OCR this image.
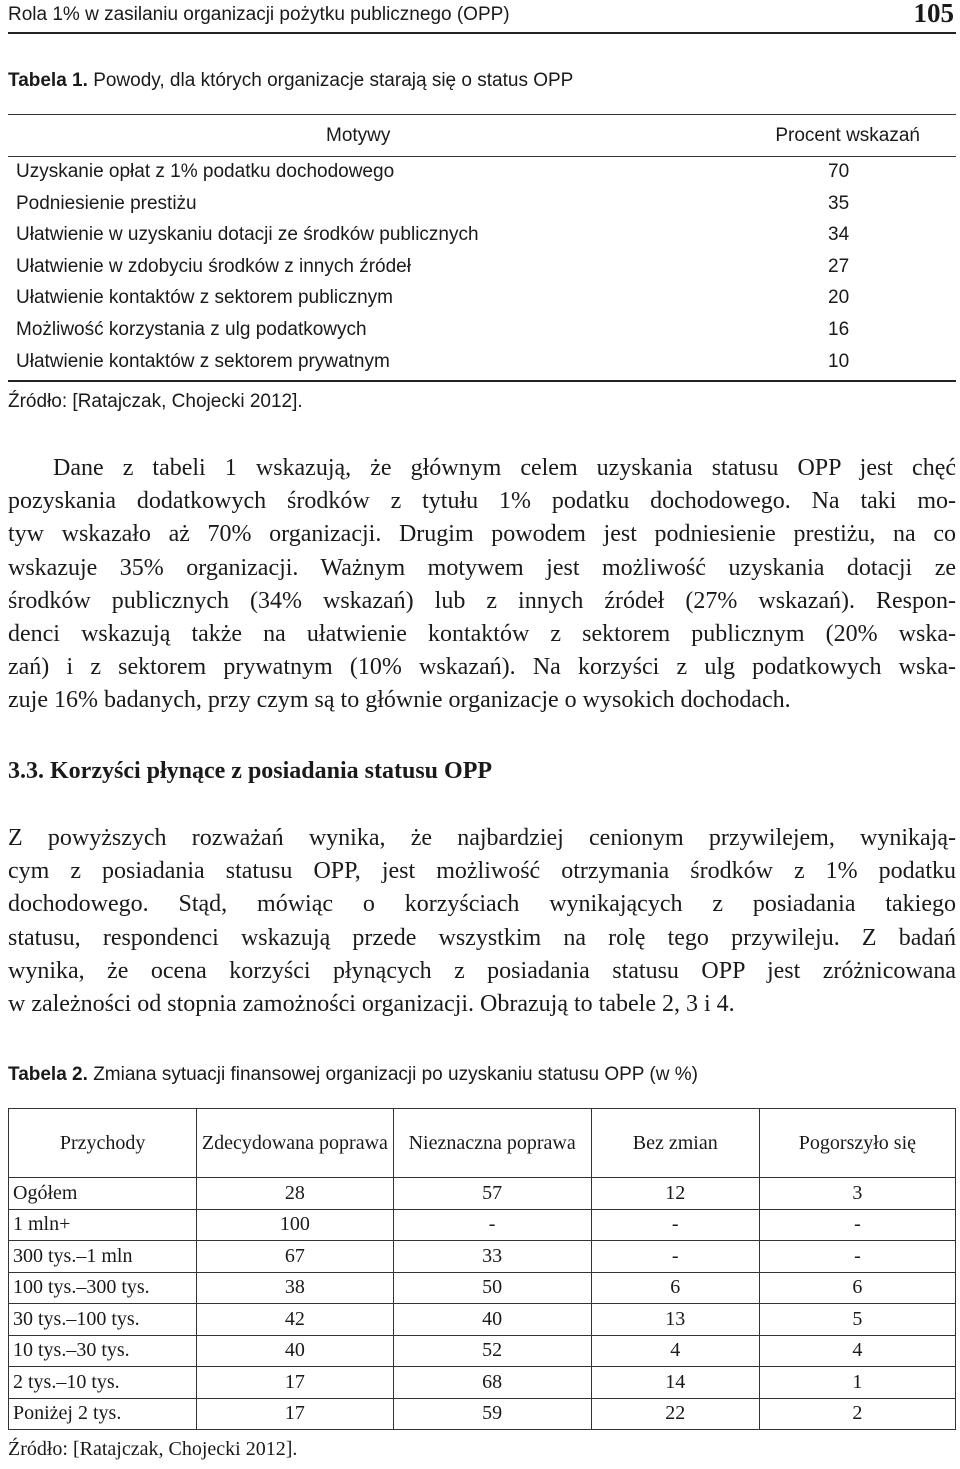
Rola 1% w zasilaniu organizacji pożytku publicznego (OPP)	105
Tabela 1. Powody, dla których organizacje starają się o status OPP
Motywy	Procent wskazań
Uzyskanie opłat z 1% podatku dochodowego	70
Podniesienie prestiżu	35
Ułatwienie w uzyskaniu dotacji ze środków publicznych	34
Ułatwienie w zdobyciu środków z innych źródeł	27
Ułatwienie kontaktów z sektorem publicznym	20
Możliwość korzystania z ulg podatkowych	16
Ułatwienie kontaktów z sektorem prywatnym	10
Źródło: [Ratajczak, Chojecki 2012].
Dane z tabeli 1 wskazują, że głównym celem uzyskania statusu OPP jest chęć
pozyskania dodatkowych środków z tytułu 1% podatku dochodowego. Na taki mo-
tyw wskazało aż 70% organizacji. Drugim powodem jest podniesienie prestiżu, na co
wskazuje 35% organizacji. Ważnym motywem jest możliwość uzyskania dotacji ze
środków publicznych (34% wskazań) lub z innych źródeł (27% wskazań). Respon-
denci wskazują także na ułatwienie kontaktów z sektorem publicznym (20% wska-
zań) i z sektorem prywatnym (10% wskazań). Na korzyści z ulg podatkowych wska-
zuje 16% badanych, przy czym są to głównie organizacje o wysokich dochodach.
3.3. Korzyści płynące z posiadania statusu OPP
Z powyższych rozważań wynika, że najbardziej cenionym przywilejem, wynikają-
cym z posiadania statusu OPP, jest możliwość otrzymania środków z 1% podatku
dochodowego. Stąd, mówiąc o korzyściach wynikających z posiadania takiego
statusu, respondenci wskazują przede wszystkim na rolę tego przywileju. Z badań
wynika, że ocena korzyści płynących z posiadania statusu OPP jest zróżnicowana
w zależności od stopnia zamożności organizacji. Obrazują to tabele 2, 3 i 4.
Tabela 2. Zmiana sytuacji finansowej organizacji po uzyskaniu statusu OPP (w %)
Przychody	Zdecydowana poprawa	Nieznaczna poprawa	Bez zmian	Pogorszyło się
Ogółem	28	57	12	3
1 mln+	100	-	-	-
300 tys.–1 mln	67	33	-	-
100 tys.–300 tys.	38	50	6	6
30 tys.–100 tys.	42	40	13	5
10 tys.–30 tys.	40	52	4	4
2 tys.–10 tys.	17	68	14	1
Poniżej 2 tys.	17	59	22	2
Źródło: [Ratajczak, Chojecki 2012].
